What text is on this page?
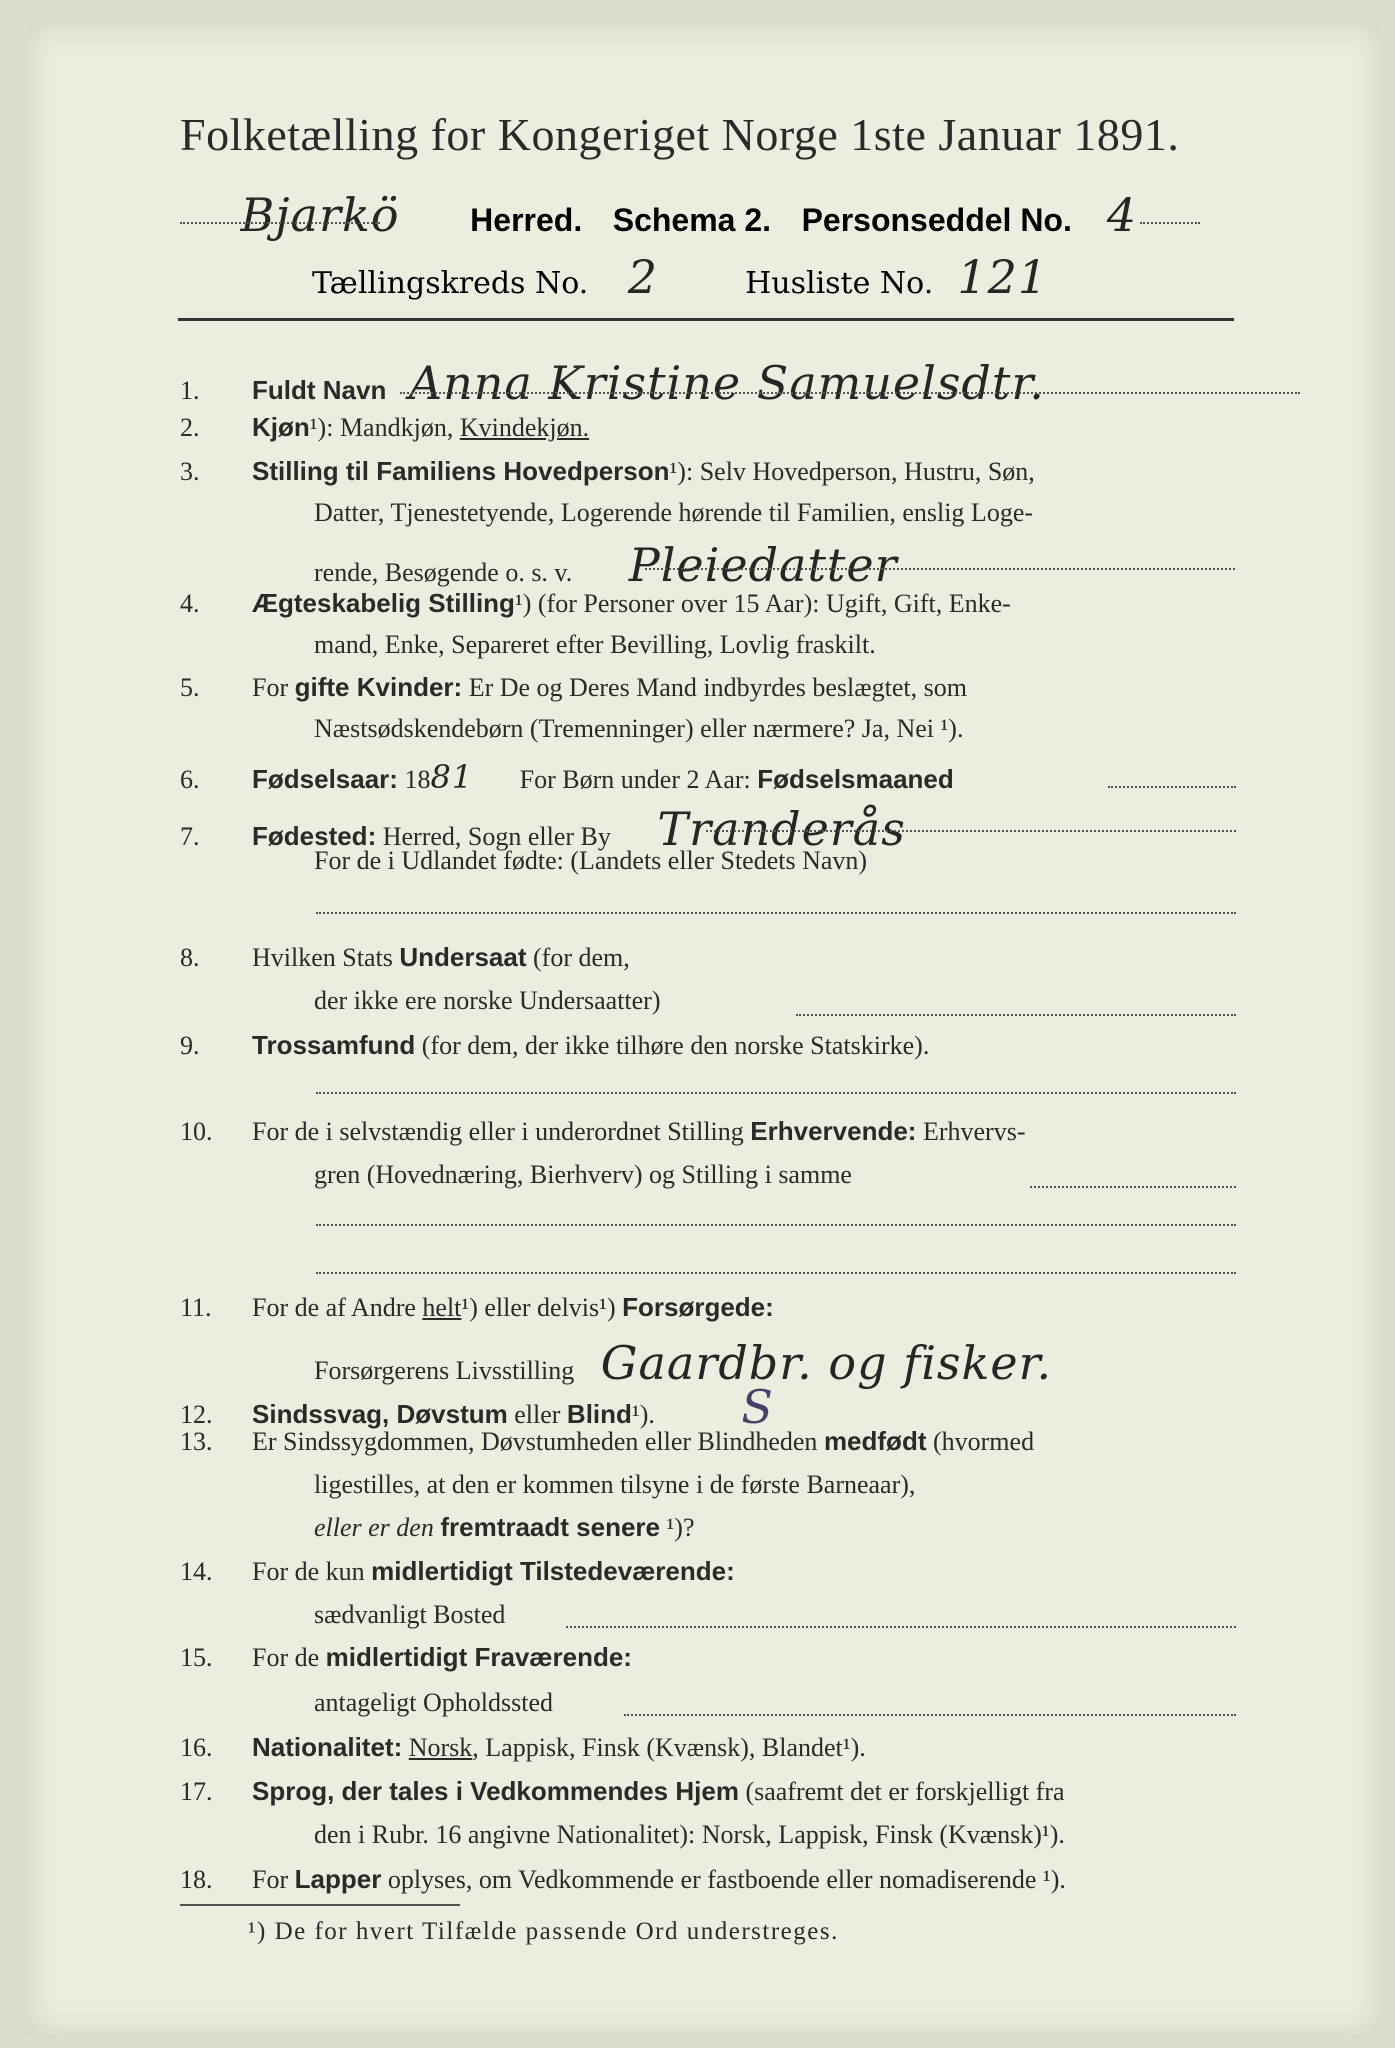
Folketælling for Kongeriget Norge 1ste Januar 1891.
Bjarkö Herred. Schema 2. Personseddel No. 4
Tællingskreds No. 2	Husliste No. 121
1. Fuldt Navn Anna Kristine Samuelsdtr.
2. Kjøn¹): Mandkjøn, Kvindekjøn.
3. Stilling til Familiens Hovedperson¹): Selv Hovedperson, Hustru, Søn,
Datter, Tjenestetyende, Logerende hørende til Familien, enslig Loge-
rende, Besøgende o. s. v. Pleiedatter
4. Ægteskabelig Stilling¹) (for Personer over 15 Aar): Ugift, Gift, Enke-
mand, Enke, Separeret efter Bevilling, Lovlig fraskilt.
5. For gifte Kvinder: Er De og Deres Mand indbyrdes beslægtet, som
Næstsødskendebørn (Tremenninger) eller nærmere? Ja, Nei ¹).
6. Fødselsaar: 1881 For Børn under 2 Aar: Fødselsmaaned
7. Fødested: Herred, Sogn eller By Tranderås
For de i Udlandet fødte: (Landets eller Stedets Navn)
8. Hvilken Stats Undersaat (for dem,
der ikke ere norske Undersaatter)
9. Trossamfund (for dem, der ikke tilhøre den norske Statskirke).
10. For de i selvstændig eller i underordnet Stilling Erhvervende: Erhvervs-
gren (Hovednæring, Bierhverv) og Stilling i samme
11. For de af Andre helt¹) eller delvis¹) Forsørgede:
Forsørgerens Livsstilling Gaardbr. og fisker.
12. Sindssvag, Døvstum eller Blind¹). S
13. Er Sindssygdommen, Døvstumheden eller Blindheden medfødt (hvormed
ligestilles, at den er kommen tilsyne i de første Barneaar),
eller er den fremtraadt senere ¹)?
14. For de kun midlertidigt Tilstedeværende:
sædvanligt Bosted
15. For de midlertidigt Fraværende:
antageligt Opholdssted
16. Nationalitet: Norsk, Lappisk, Finsk (Kvænsk), Blandet¹).
17. Sprog, der tales i Vedkommendes Hjem (saafremt det er forskjelligt fra
den i Rubr. 16 angivne Nationalitet): Norsk, Lappisk, Finsk (Kvænsk)¹).
18. For Lapper oplyses, om Vedkommende er fastboende eller nomadiserende ¹).
¹) De for hvert Tilfælde passende Ord understreges.
